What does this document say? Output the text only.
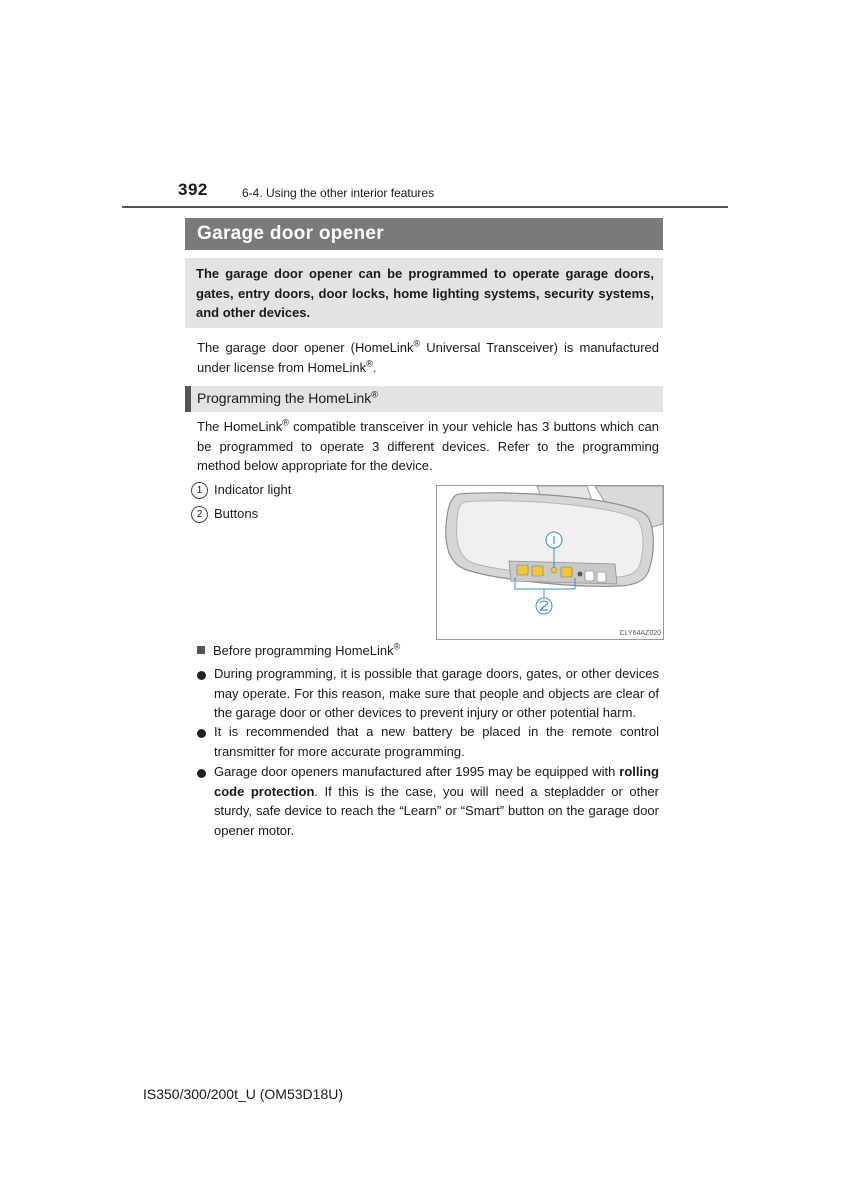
392	6-4. Using the other interior features
Garage door opener
The garage door opener can be programmed to operate garage doors, gates, entry doors, door locks, home lighting systems, security systems, and other devices.
The garage door opener (HomeLink® Universal Transceiver) is manufactured under license from HomeLink®.
Programming the HomeLink®
The HomeLink® compatible transceiver in your vehicle has 3 buttons which can be programmed to operate 3 different devices. Refer to the programming method below appropriate for the device.
1 Indicator light
2 Buttons
CLY64AZ020
Before programming HomeLink®
During programming, it is possible that garage doors, gates, or other devices may operate. For this reason, make sure that people and objects are clear of the garage door or other devices to prevent injury or other potential harm.
It is recommended that a new battery be placed in the remote control transmitter for more accurate programming.
Garage door openers manufactured after 1995 may be equipped with rolling code protection. If this is the case, you will need a stepladder or other sturdy, safe device to reach the “Learn” or “Smart” button on the garage door opener motor.
IS350/300/200t_U (OM53D18U)
